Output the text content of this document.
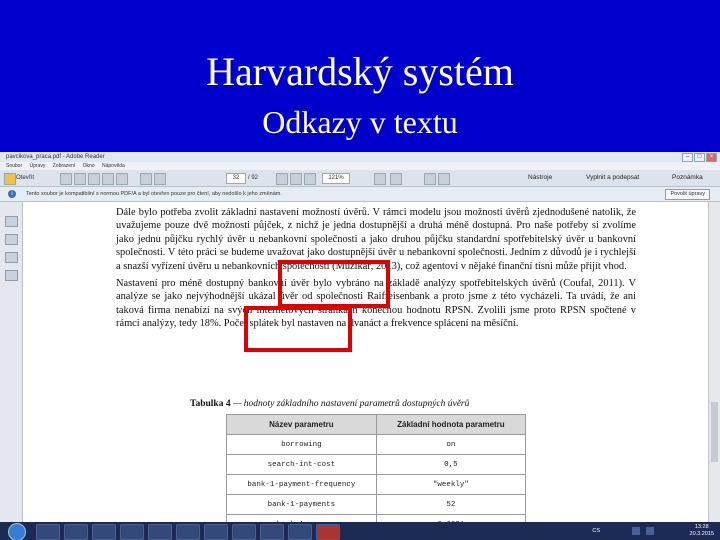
Harvardský systém
Odkazy v textu
pavcikova_praca.pdf - Adobe Reader	–	□	×
Soubor Úpravy Zobrazení Okno Nápověda
Otevřít	32	/ 92	121%	Nástroje	Vyplnit a podepsat	Poznámka
i	Tento soubor je kompatibilní s normou PDF/A a byl otevřen pouze pro čtení, aby nedošlo k jeho změnám.	Povolit úpravy

Dále bylo potřeba zvolit základní nastavení možností úvěrů. V rámci modelu jsou možnosti úvěrů zjednodušené natolik, že uvažujeme pouze dvě možnosti půjček, z nichž je jedna dostupnější a druhá méně dostupná. Pro naše potřeby si zvolíme jako jednu půjčku rychlý úvěr u nebankovní společnosti a jako druhou půjčku standardní spotřebitelský úvěr u bankovní společnosti. V této práci se budeme uvažovat jako dostupnější úvěr u nebankovní společnosti. Jedním z důvodů je i rychlejší a snazší vyřízení úvěru u nebankovních společností (Muzikář, 2013), což agentovi v nějaké finanční tísni může přijít vhod.

Nastavení pro méně dostupný bankovní úvěr bylo vybráno na základě analýzy spotřebitelských úvěrů (Coufal, 2011). V analýze se jako nejvýhodnější ukázal úvěr od společnosti Raiffeisenbank a proto jsme z této vycházeli. Ta uvádí, že ani taková firma nenabízí na svých internetových stránkách konečnou hodnotu RPSN. Zvolili jsme proto RPSN spočtené v rámci analýzy, tedy 18%. Počet splátek byl nastaven na dvanáct a frekvence splácení na měsíční.

Tabulka 4 — hodnoty základního nastavení parametrů dostupných úvěrů
Název parametru	Základní hodnota parametru
borrowing	on
search-int-cost	0,5
bank-1-payment-frequency	"weekly"
bank-1-payments	52

CS
13:28
20.3.2015
